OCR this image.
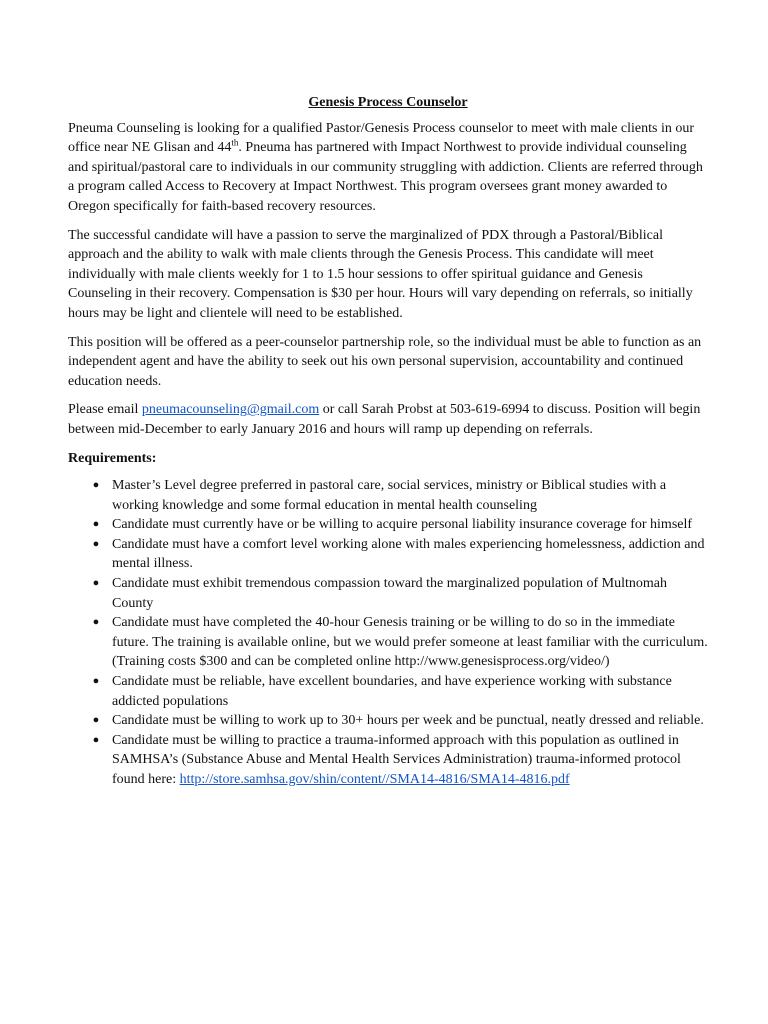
Genesis Process Counselor

Pneuma Counseling is looking for a qualified Pastor/Genesis Process counselor to meet with male clients in our office near NE Glisan and 44th. Pneuma has partnered with Impact Northwest to provide individual counseling and spiritual/pastoral care to individuals in our community struggling with addiction. Clients are referred through a program called Access to Recovery at Impact Northwest. This program oversees grant money awarded to Oregon specifically for faith-based recovery resources.

The successful candidate will have a passion to serve the marginalized of PDX through a Pastoral/Biblical approach and the ability to walk with male clients through the Genesis Process. This candidate will meet individually with male clients weekly for 1 to 1.5 hour sessions to offer spiritual guidance and Genesis Counseling in their recovery. Compensation is $30 per hour. Hours will vary depending on referrals, so initially hours may be light and clientele will need to be established.

This position will be offered as a peer-counselor partnership role, so the individual must be able to function as an independent agent and have the ability to seek out his own personal supervision, accountability and continued education needs.

Please email pneumacounseling@gmail.com or call Sarah Probst at 503-619-6994 to discuss. Position will begin between mid-December to early January 2016 and hours will ramp up depending on referrals.

Requirements:
● Master’s Level degree preferred in pastoral care, social services, ministry or Biblical studies with a working knowledge and some formal education in mental health counseling
● Candidate must currently have or be willing to acquire personal liability insurance coverage for himself
● Candidate must have a comfort level working alone with males experiencing homelessness, addiction and mental illness.
● Candidate must exhibit tremendous compassion toward the marginalized population of Multnomah County
● Candidate must have completed the 40-hour Genesis training or be willing to do so in the immediate future. The training is available online, but we would prefer someone at least familiar with the curriculum. (Training costs $300 and can be completed online http://www.genesisprocess.org/video/)
● Candidate must be reliable, have excellent boundaries, and have experience working with substance addicted populations
● Candidate must be willing to work up to 30+ hours per week and be punctual, neatly dressed and reliable.
● Candidate must be willing to practice a trauma-informed approach with this population as outlined in SAMHSA’s (Substance Abuse and Mental Health Services Administration) trauma-informed protocol found here: http://store.samhsa.gov/shin/content//SMA14-4816/SMA14-4816.pdf
